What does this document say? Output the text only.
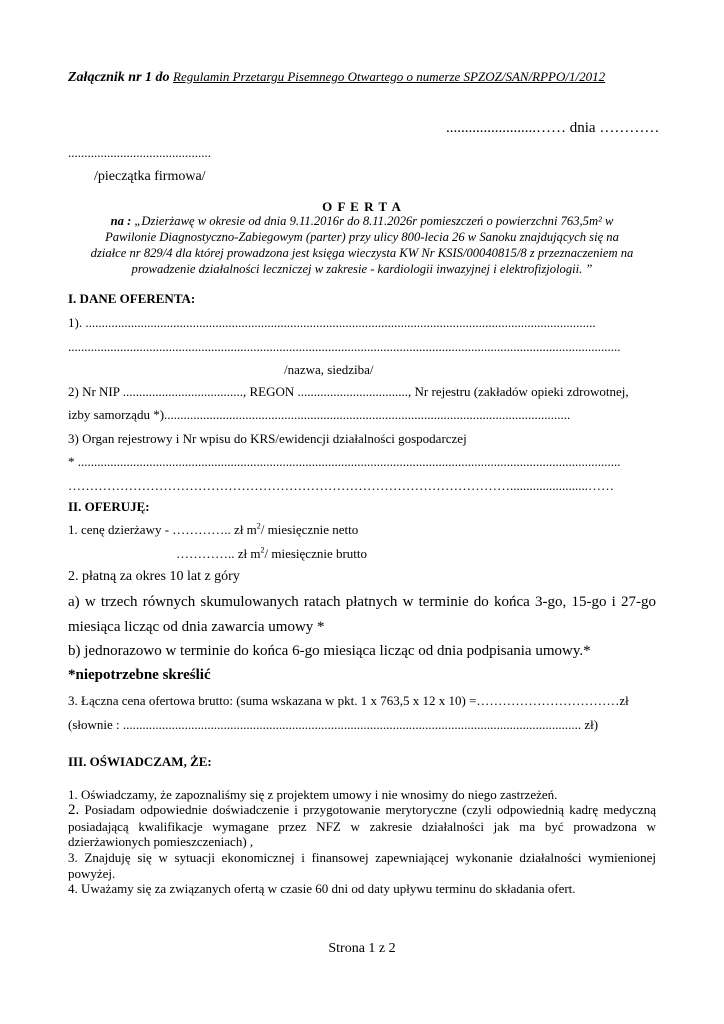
Załącznik nr 1 do Regulamin Przetargu Pisemnego Otwartego o numerze SPZOZ/SAN/RPPO/1/2012
........................…… dnia …………
............................................
/pieczątka firmowa/
O F E R T A
na : „Dzierżawę w okresie od dnia 9.11.2016r do 8.11.2026r pomieszczeń o powierzchni 763,5m² w
Pawilonie Diagnostyczno-Zabiegowym (parter) przy ulicy 800-lecia 26 w Sanoku znajdujących się na
działce nr 829/4 dla której prowadzona jest księga wieczysta KW Nr KSIS/00040815/8 z przeznaczeniem na
prowadzenie działalności leczniczej w zakresie - kardiologii inwazyjnej i elektrofizjologii. ”
I. DANE OFERENTA:
1). .............................................................................................................................................................
..........................................................................................................................................................................
/nazwa, siedziba/
2) Nr NIP ....................................., REGON .................................., Nr rejestru (zakładów opieki zdrowotnej,
izby samorządu *).............................................................................................................................
3) Organ rejestrowy i Nr wpisu do KRS/ewidencji działalności gospodarczej
* .......................................................................................................................................................................
…………………………………………………………………………………………........................……
II. OFERUJĘ:
1. cenę dzierżawy - ………….. zł $m^2/$ miesięcznie netto
………….. zł $m^2/$ miesięcznie brutto
2. płatną za okres 10 lat z góry
a) w trzech równych skumulowanych ratach płatnych w terminie do końca 3-go, 15-go i 27-go
miesiąca licząc od dnia zawarcia umowy *
b) jednorazowo w terminie do końca 6-go miesiąca licząc od dnia podpisania umowy.*
*niepotrzebne skreślić
3. Łączna cena ofertowa brutto: (suma wskazana w pkt. 1 x 763,5 x 12 x 10) =……………………………zł
(słownie : ............................................................................................................................................. zł)
III. OŚWIADCZAM, ŻE:
1. Oświadczamy, że zapoznaliśmy się z projektem umowy i nie wnosimy do niego zastrzeżeń.
2. Posiadam odpowiednie doświadczenie i przygotowanie merytoryczne (czyli odpowiednią kadrę medyczną posiadającą kwalifikacje wymagane przez NFZ w zakresie działalności jak ma być prowadzona w dzierżawionych pomieszczeniach) ,
3. Znajduję się w sytuacji ekonomicznej i finansowej zapewniającej wykonanie działalności wymienionej powyżej.
4. Uważamy się za związanych ofertą w czasie 60 dni od daty upływu terminu do składania ofert.
Strona 1 z 2
